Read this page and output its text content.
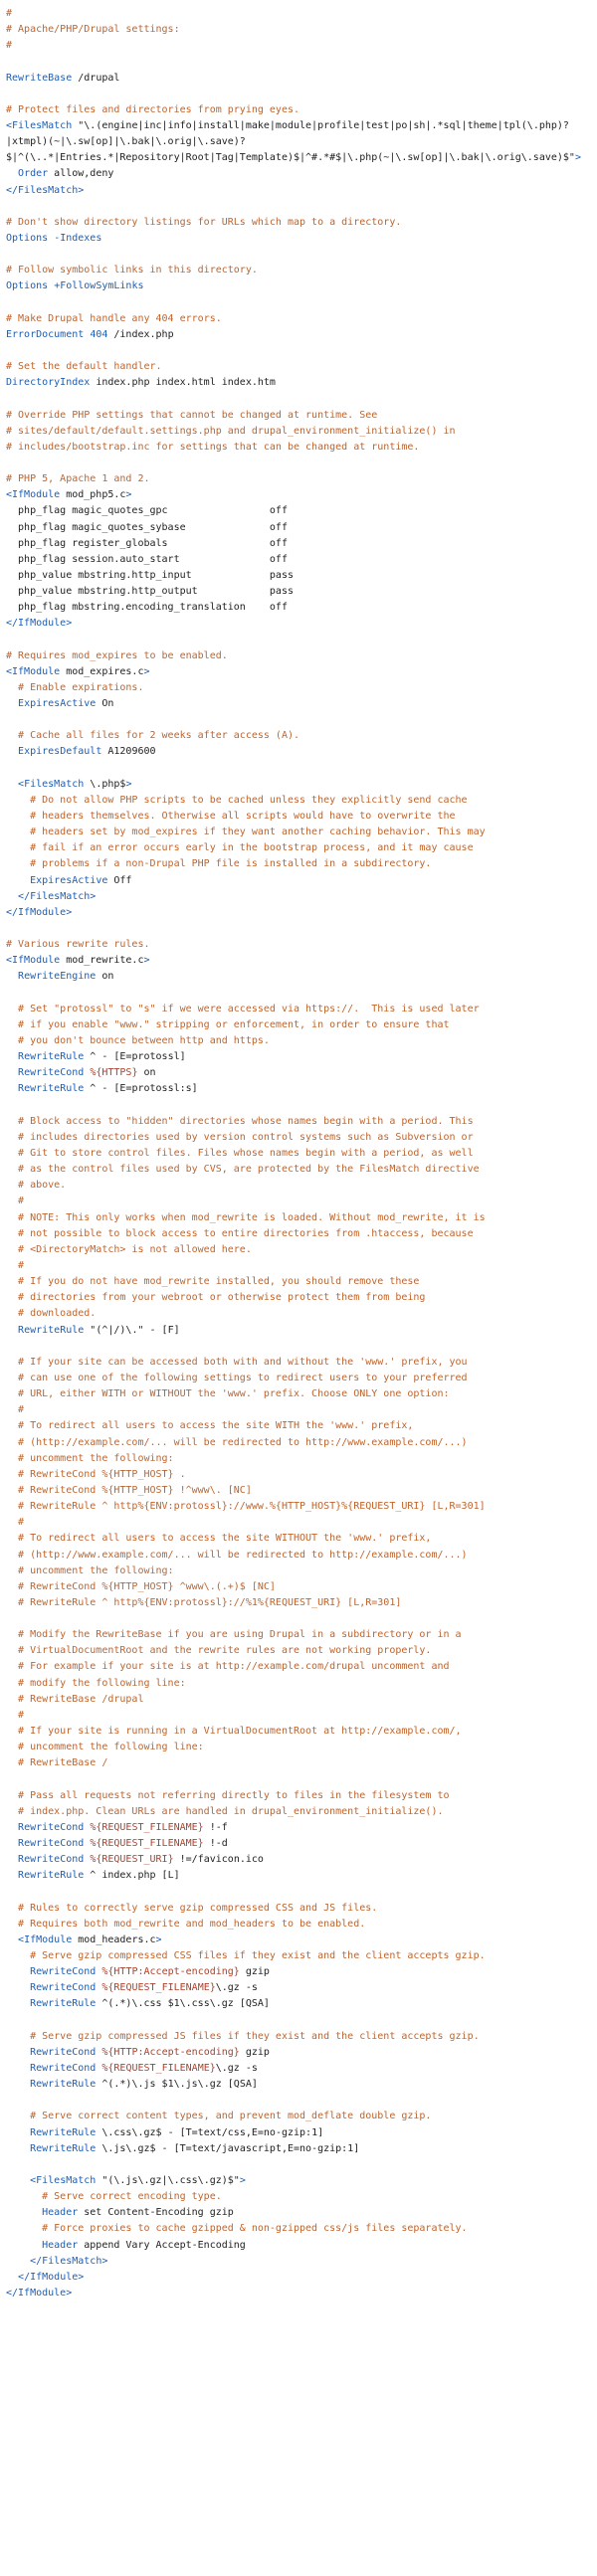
#
# Apache/PHP/Drupal settings:
#
RewriteBase /drupal
# Protect files and directories from prying eyes.
<FilesMatch "\.(engine|inc|info|install|make|module|profile|test|po|sh|.*sql|theme|tpl(\.php)?
|xtmpl)(~|\.sw[op]|\.bak|\.orig|\.save)?
$|^(\..*|Entries.*|Repository|Root|Tag|Template)$|^#.*#$|\.php(~|\.sw[op]|\.bak|\.orig\.save)$">
Order allow,deny
</FilesMatch>
# Don't show directory listings for URLs which map to a directory.
Options -Indexes
# Follow symbolic links in this directory.
Options +FollowSymLinks
# Make Drupal handle any 404 errors.
ErrorDocument 404 /index.php
# Set the default handler.
DirectoryIndex index.php index.html index.htm
# Override PHP settings that cannot be changed at runtime. See
# sites/default/default.settings.php and drupal_environment_initialize() in
# includes/bootstrap.inc for settings that can be changed at runtime.
# PHP 5, Apache 1 and 2.
<IfModule mod_php5.c>
php_flag magic_quotes_gpc                 off
php_flag magic_quotes_sybase              off
php_flag register_globals                 off
php_flag session.auto_start               off
php_value mbstring.http_input             pass
php_value mbstring.http_output            pass
php_flag mbstring.encoding_translation    off
</IfModule>
# Requires mod_expires to be enabled.
<IfModule mod_expires.c>
# Enable expirations.
ExpiresActive On
# Cache all files for 2 weeks after access (A).
ExpiresDefault A1209600
<FilesMatch \.php$>
# Do not allow PHP scripts to be cached unless they explicitly send cache
# headers themselves. Otherwise all scripts would have to overwrite the
# headers set by mod_expires if they want another caching behavior. This may
# fail if an error occurs early in the bootstrap process, and it may cause
# problems if a non-Drupal PHP file is installed in a subdirectory.
ExpiresActive Off
</FilesMatch>
</IfModule>
# Various rewrite rules.
<IfModule mod_rewrite.c>
RewriteEngine on
# Set "protossl" to "s" if we were accessed via https://.  This is used later
# if you enable "www." stripping or enforcement, in order to ensure that
# you don't bounce between http and https.
RewriteRule ^ - [E=protossl]
RewriteCond %{HTTPS} on
RewriteRule ^ - [E=protossl:s]
# Block access to "hidden" directories whose names begin with a period. This
# includes directories used by version control systems such as Subversion or
# Git to store control files. Files whose names begin with a period, as well
# as the control files used by CVS, are protected by the FilesMatch directive
# above.
#
# NOTE: This only works when mod_rewrite is loaded. Without mod_rewrite, it is
# not possible to block access to entire directories from .htaccess, because
# <DirectoryMatch> is not allowed here.
#
# If you do not have mod_rewrite installed, you should remove these
# directories from your webroot or otherwise protect them from being
# downloaded.
RewriteRule "(^|/)\." - [F]
# If your site can be accessed both with and without the 'www.' prefix, you
# can use one of the following settings to redirect users to your preferred
# URL, either WITH or WITHOUT the 'www.' prefix. Choose ONLY one option:
#
# To redirect all users to access the site WITH the 'www.' prefix,
# (http://example.com/... will be redirected to http://www.example.com/...)
# uncomment the following:
# RewriteCond %{HTTP_HOST} .
# RewriteCond %{HTTP_HOST} !^www\. [NC]
# RewriteRule ^ http%{ENV:protossl}://www.%{HTTP_HOST}%{REQUEST_URI} [L,R=301]
#
# To redirect all users to access the site WITHOUT the 'www.' prefix,
# (http://www.example.com/... will be redirected to http://example.com/...)
# uncomment the following:
# RewriteCond %{HTTP_HOST} ^www\.(.+)$ [NC]
# RewriteRule ^ http%{ENV:protossl}://%1%{REQUEST_URI} [L,R=301]
# Modify the RewriteBase if you are using Drupal in a subdirectory or in a
# VirtualDocumentRoot and the rewrite rules are not working properly.
# For example if your site is at http://example.com/drupal uncomment and
# modify the following line:
# RewriteBase /drupal
#
# If your site is running in a VirtualDocumentRoot at http://example.com/,
# uncomment the following line:
# RewriteBase /
# Pass all requests not referring directly to files in the filesystem to
# index.php. Clean URLs are handled in drupal_environment_initialize().
RewriteCond %{REQUEST_FILENAME} !-f
RewriteCond %{REQUEST_FILENAME} !-d
RewriteCond %{REQUEST_URI} !=/favicon.ico
RewriteRule ^ index.php [L]
# Rules to correctly serve gzip compressed CSS and JS files.
# Requires both mod_rewrite and mod_headers to be enabled.
<IfModule mod_headers.c>
# Serve gzip compressed CSS files if they exist and the client accepts gzip.
RewriteCond %{HTTP:Accept-encoding} gzip
RewriteCond %{REQUEST_FILENAME}\.gz -s
RewriteRule ^(.*)\.css $1\.css\.gz [QSA]
# Serve gzip compressed JS files if they exist and the client accepts gzip.
RewriteCond %{HTTP:Accept-encoding} gzip
RewriteCond %{REQUEST_FILENAME}\.gz -s
RewriteRule ^(.*)\.js $1\.js\.gz [QSA]
# Serve correct content types, and prevent mod_deflate double gzip.
RewriteRule \.css\.gz$ - [T=text/css,E=no-gzip:1]
RewriteRule \.js\.gz$ - [T=text/javascript,E=no-gzip:1]
<FilesMatch "(\.js\.gz|\.css\.gz)$">
# Serve correct encoding type.
Header set Content-Encoding gzip
# Force proxies to cache gzipped & non-gzipped css/js files separately.
Header append Vary Accept-Encoding
</FilesMatch>
</IfModule>
</IfModule>
